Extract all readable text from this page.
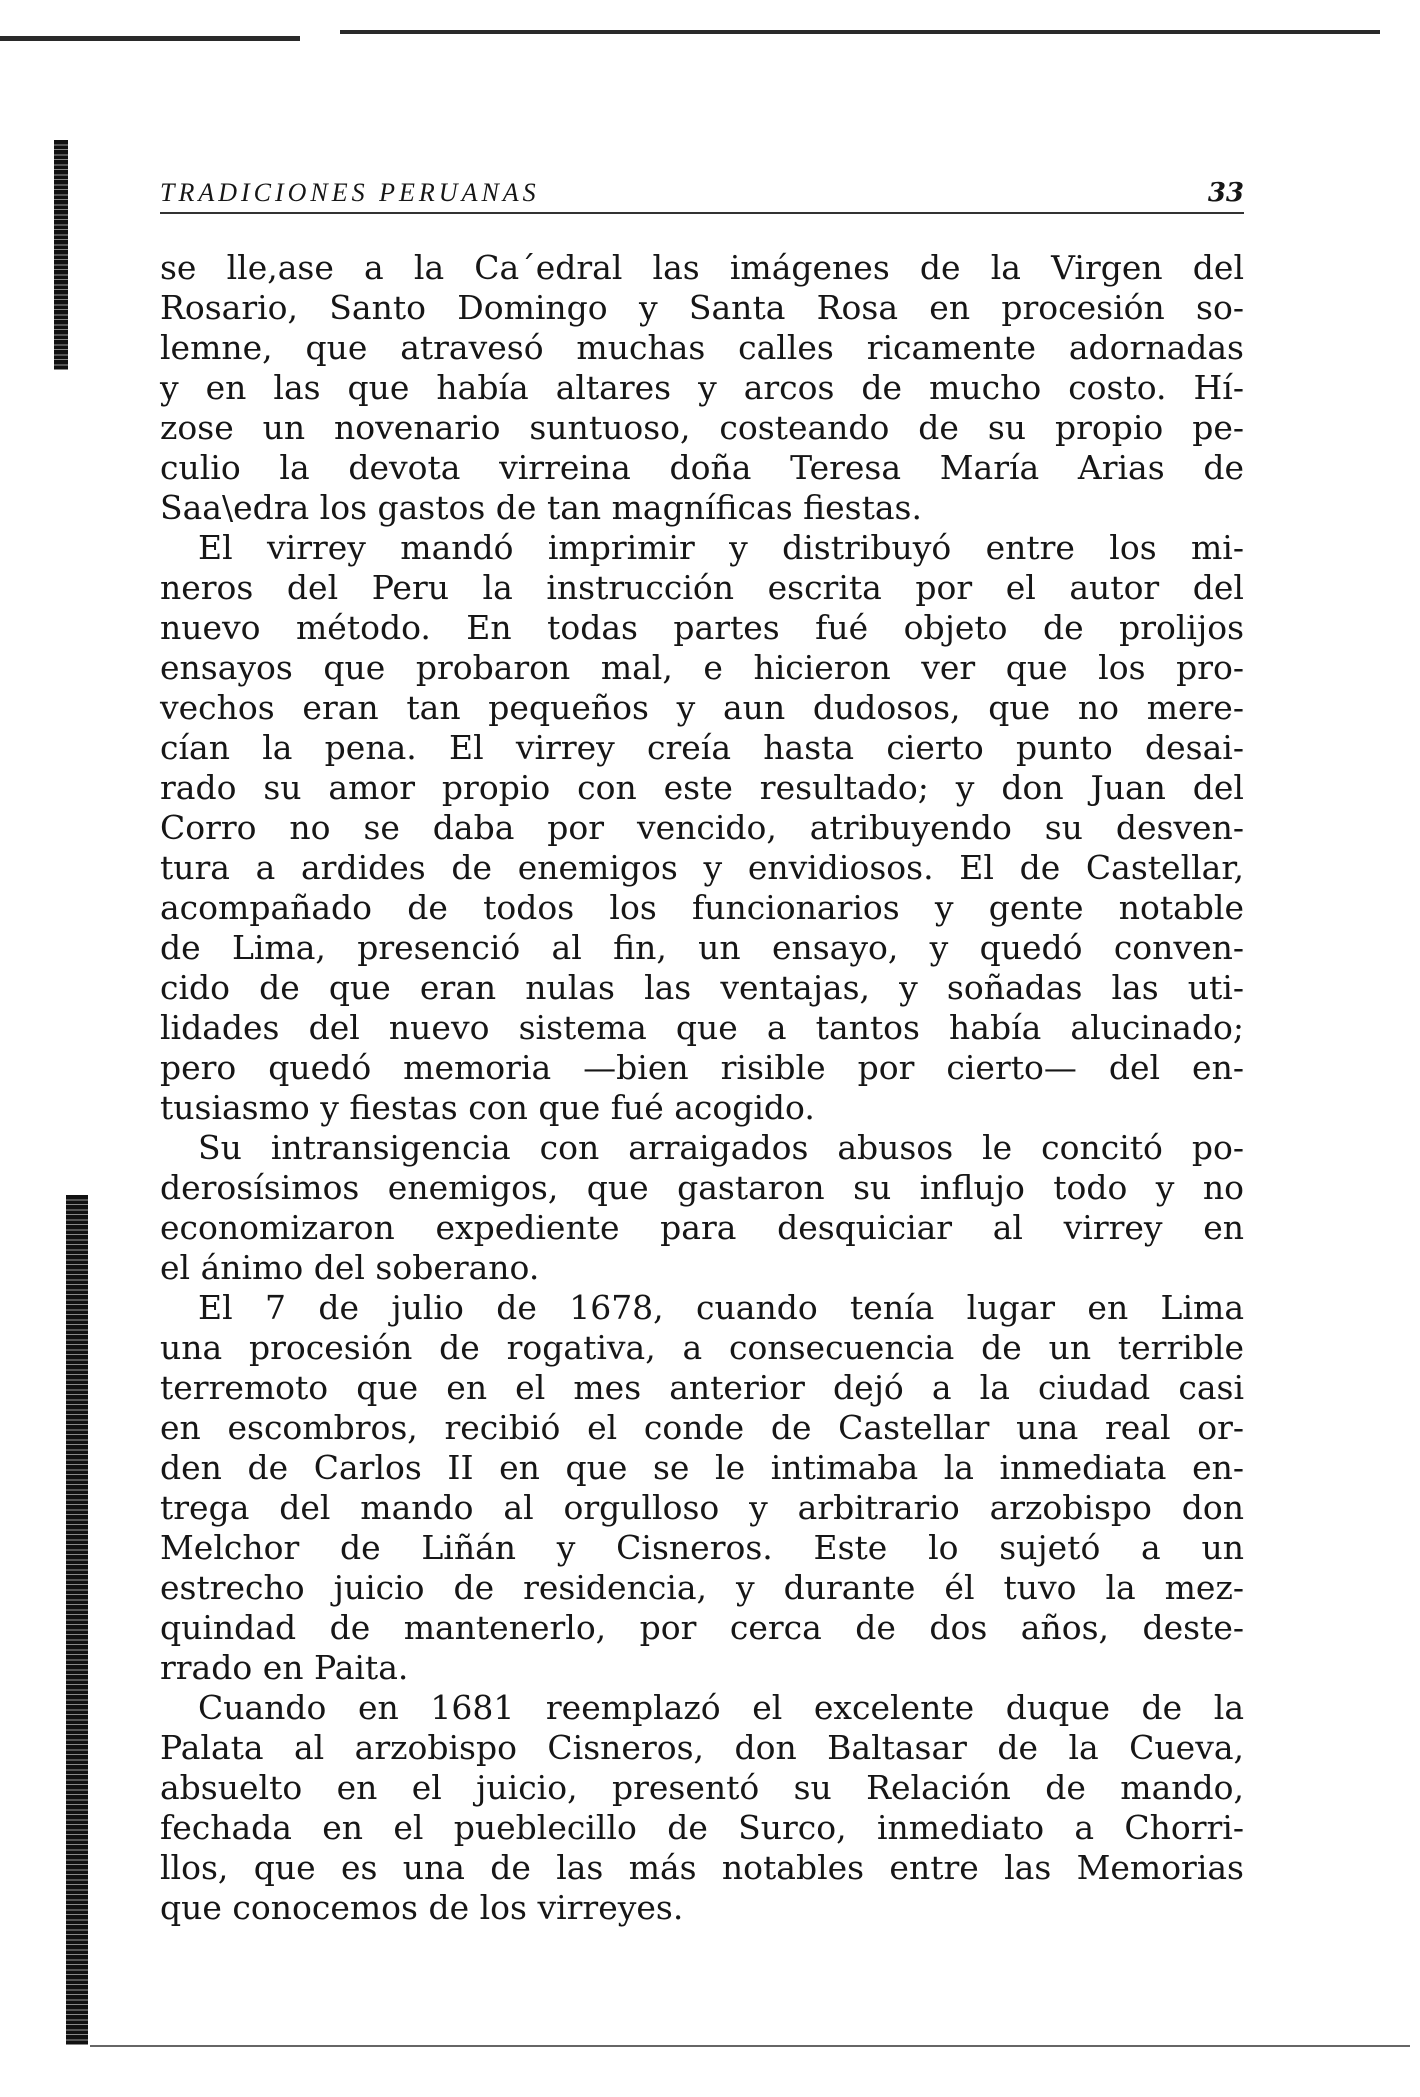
TRADICIONES PERUANAS	33
se lle,ase a la Ca´edral las imágenes de la Virgen del
Rosario, Santo Domingo y Santa Rosa en procesión so-
lemne, que atravesó muchas calles ricamente adornadas
y en las que había altares y arcos de mucho costo. Hí-
zose un novenario suntuoso, costeando de su propio pe-
culio la devota virreina doña Teresa María Arias de
Saa\edra los gastos de tan magníficas fiestas.
El virrey mandó imprimir y distribuyó entre los mi-
neros del Peru la instrucción escrita por el autor del
nuevo método. En todas partes fué objeto de prolijos
ensayos que probaron mal, e hicieron ver que los pro-
vechos eran tan pequeños y aun dudosos, que no mere-
cían la pena. El virrey creía hasta cierto punto desai-
rado su amor propio con este resultado; y don Juan del
Corro no se daba por vencido, atribuyendo su desven-
tura a ardides de enemigos y envidiosos. El de Castellar,
acompañado de todos los funcionarios y gente notable
de Lima, presenció al fin, un ensayo, y quedó conven-
cido de que eran nulas las ventajas, y soñadas las uti-
lidades del nuevo sistema que a tantos había alucinado;
pero quedó memoria —bien risible por cierto— del en-
tusiasmo y fiestas con que fué acogido.
Su intransigencia con arraigados abusos le concitó po-
derosísimos enemigos, que gastaron su influjo todo y no
economizaron expediente para desquiciar al virrey en
el ánimo del soberano.
El 7 de julio de 1678, cuando tenía lugar en Lima
una procesión de rogativa, a consecuencia de un terrible
terremoto que en el mes anterior dejó a la ciudad casi
en escombros, recibió el conde de Castellar una real or-
den de Carlos II en que se le intimaba la inmediata en-
trega del mando al orgulloso y arbitrario arzobispo don
Melchor de Liñán y Cisneros. Este lo sujetó a un
estrecho juicio de residencia, y durante él tuvo la mez-
quindad de mantenerlo, por cerca de dos años, deste-
rrado en Paita.
Cuando en 1681 reemplazó el excelente duque de la
Palata al arzobispo Cisneros, don Baltasar de la Cueva,
absuelto en el juicio, presentó su Relación de mando,
fechada en el pueblecillo de Surco, inmediato a Chorri-
llos, que es una de las más notables entre las Memorias
que conocemos de los virreyes.
